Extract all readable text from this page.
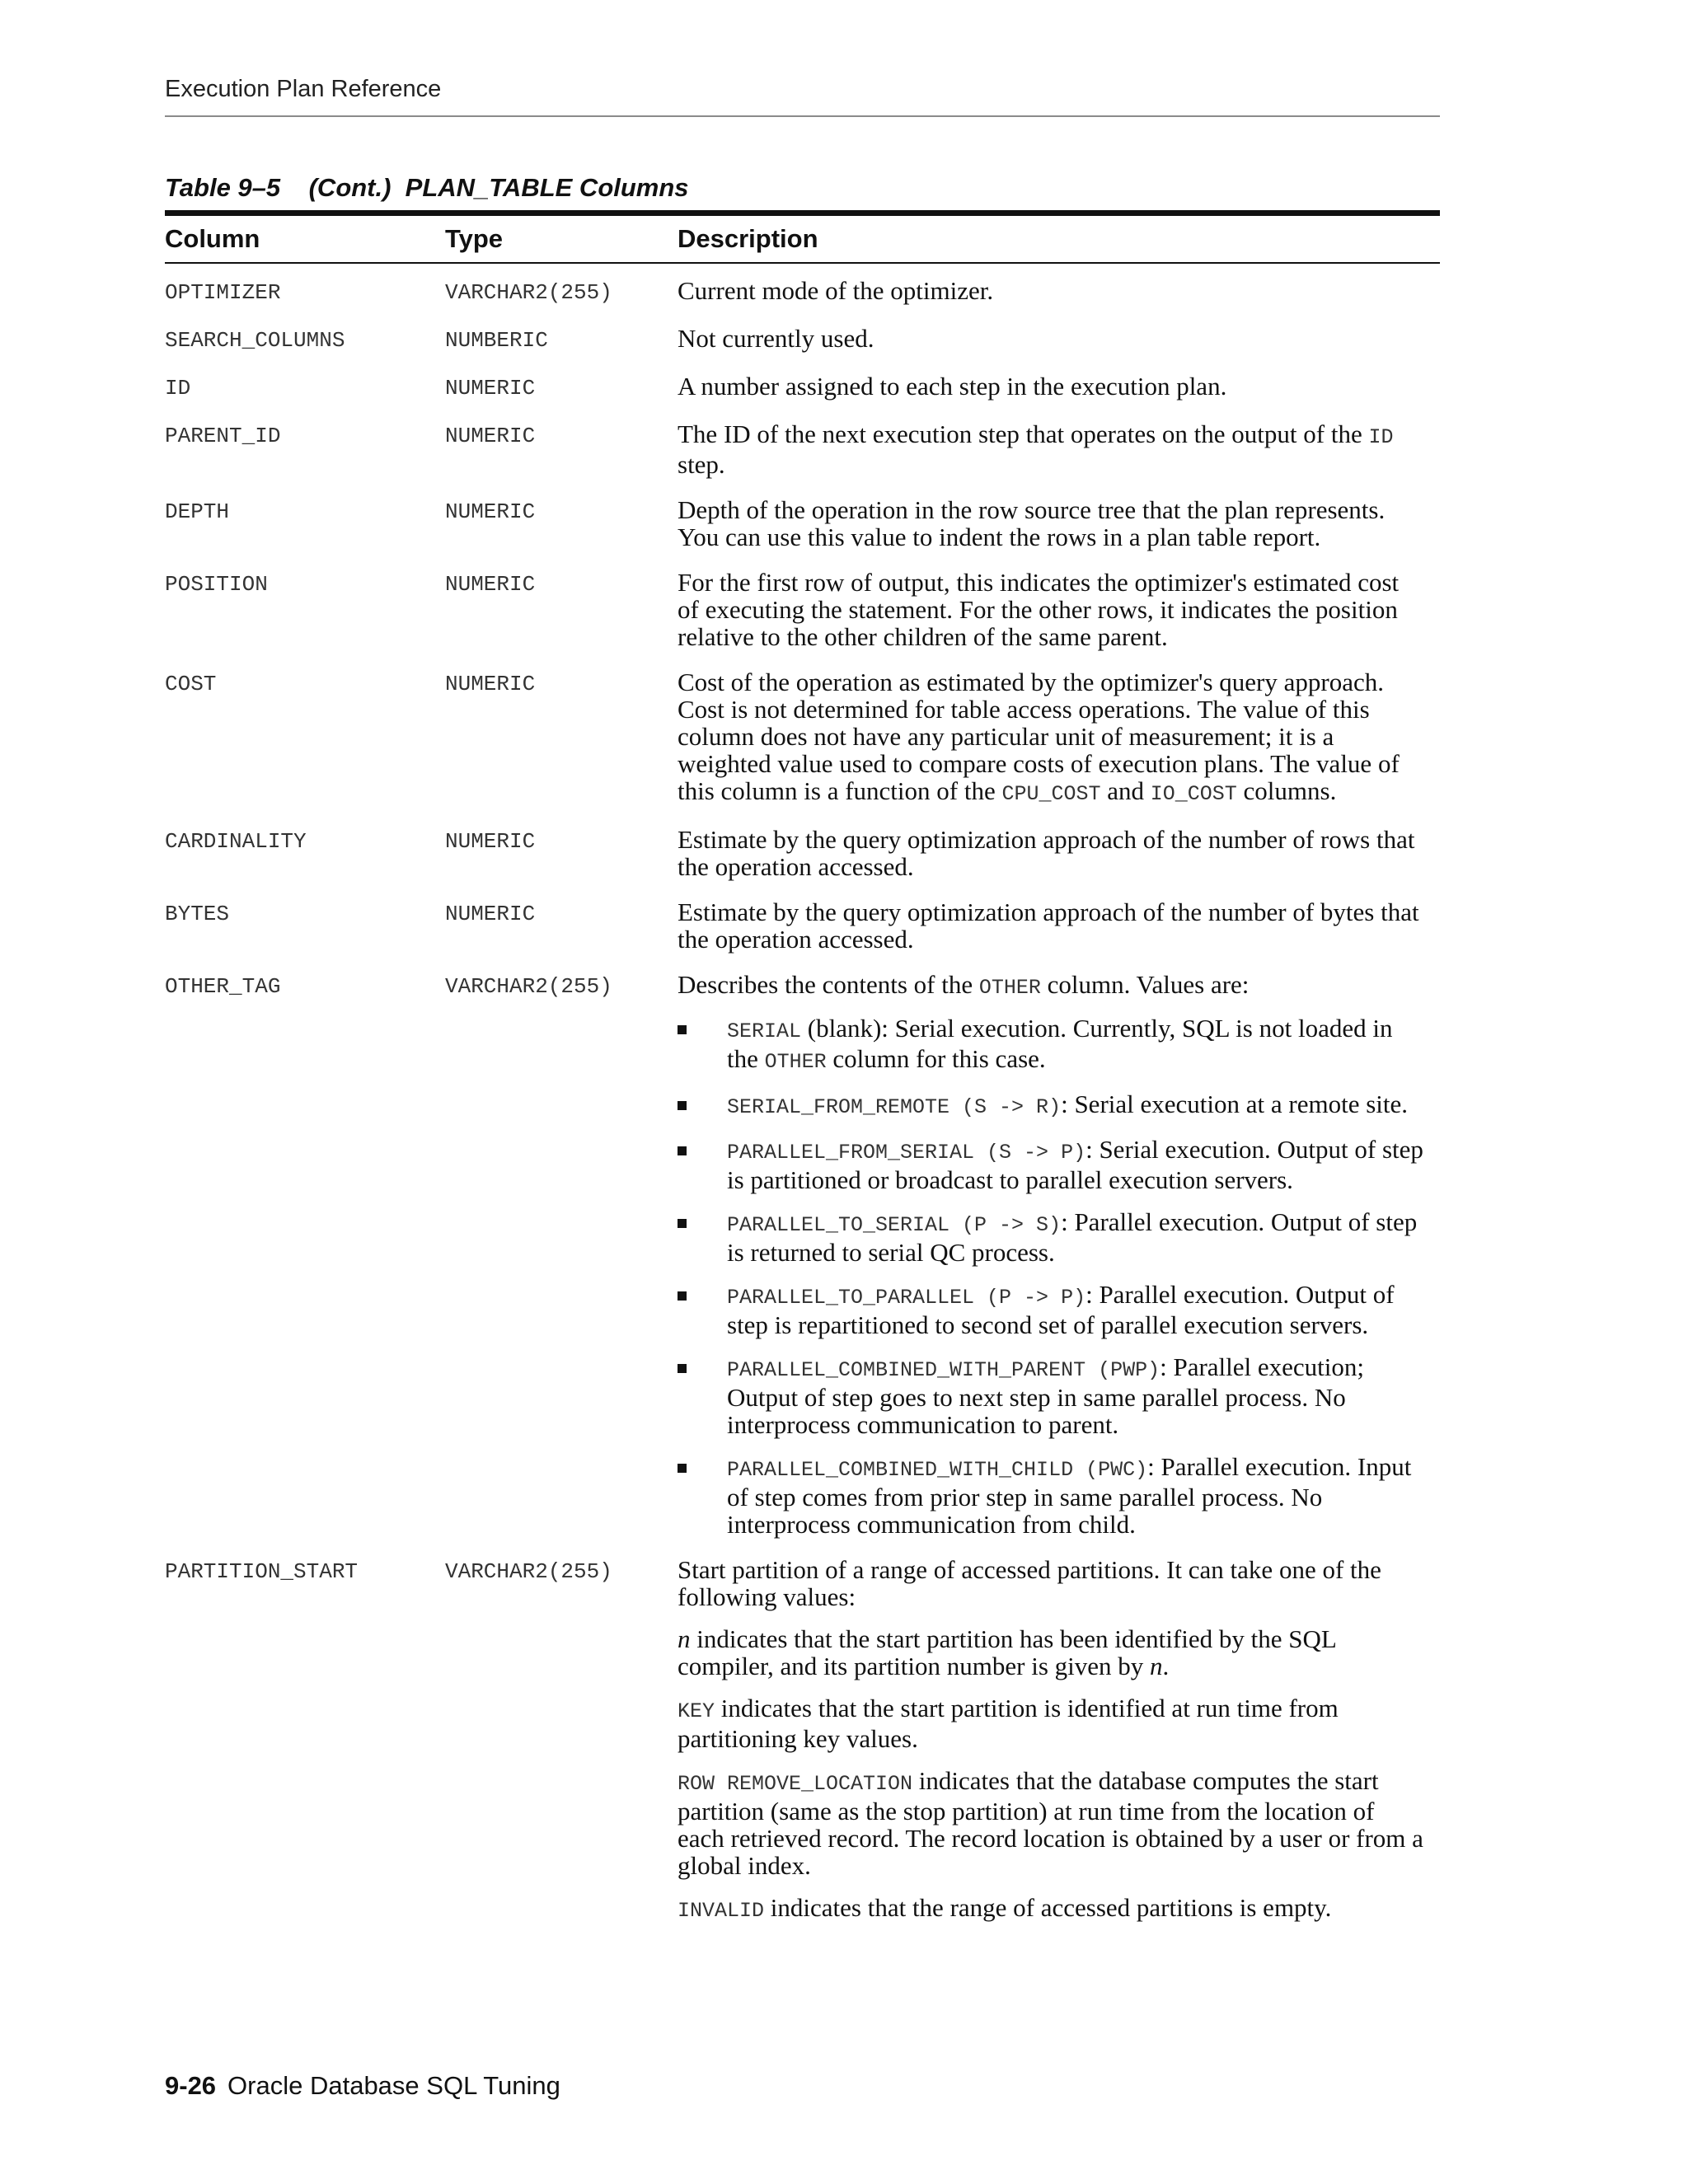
Execution Plan Reference
Table 9–5    (Cont.)  PLAN_TABLE Columns
Column	Type	Description
OPTIMIZER	VARCHAR2(255)	Current mode of the optimizer.
SEARCH_COLUMNS	NUMBERIC	Not currently used.
ID	NUMERIC	A number assigned to each step in the execution plan.
PARENT_ID	NUMERIC	The ID of the next execution step that operates on the output of the ID step.
DEPTH	NUMERIC	Depth of the operation in the row source tree that the plan represents. You can use this value to indent the rows in a plan table report.
POSITION	NUMERIC	For the first row of output, this indicates the optimizer's estimated cost of executing the statement. For the other rows, it indicates the position relative to the other children of the same parent.
COST	NUMERIC	Cost of the operation as estimated by the optimizer's query approach. Cost is not determined for table access operations. The value of this column does not have any particular unit of measurement; it is a weighted value used to compare costs of execution plans. The value of this column is a function of the CPU_COST and IO_COST columns.
CARDINALITY	NUMERIC	Estimate by the query optimization approach of the number of rows that the operation accessed.
BYTES	NUMERIC	Estimate by the query optimization approach of the number of bytes that the operation accessed.
OTHER_TAG	VARCHAR2(255)	Describes the contents of the OTHER column. Values are:
SERIAL (blank): Serial execution. Currently, SQL is not loaded in the OTHER column for this case.
SERIAL_FROM_REMOTE (S -> R): Serial execution at a remote site.
PARALLEL_FROM_SERIAL (S -> P): Serial execution. Output of step is partitioned or broadcast to parallel execution servers.
PARALLEL_TO_SERIAL (P -> S): Parallel execution. Output of step is returned to serial QC process.
PARALLEL_TO_PARALLEL (P -> P): Parallel execution. Output of step is repartitioned to second set of parallel execution servers.
PARALLEL_COMBINED_WITH_PARENT (PWP): Parallel execution; Output of step goes to next step in same parallel process. No interprocess communication to parent.
PARALLEL_COMBINED_WITH_CHILD (PWC): Parallel execution. Input of step comes from prior step in same parallel process. No interprocess communication from child.
PARTITION_START	VARCHAR2(255)	Start partition of a range of accessed partitions. It can take one of the following values:

n indicates that the start partition has been identified by the SQL compiler, and its partition number is given by n.

KEY indicates that the start partition is identified at run time from partitioning key values.

ROW REMOVE_LOCATION indicates that the database computes the start partition (same as the stop partition) at run time from the location of each retrieved record. The record location is obtained by a user or from a global index.

INVALID indicates that the range of accessed partitions is empty.

9-26 Oracle Database SQL Tuning
